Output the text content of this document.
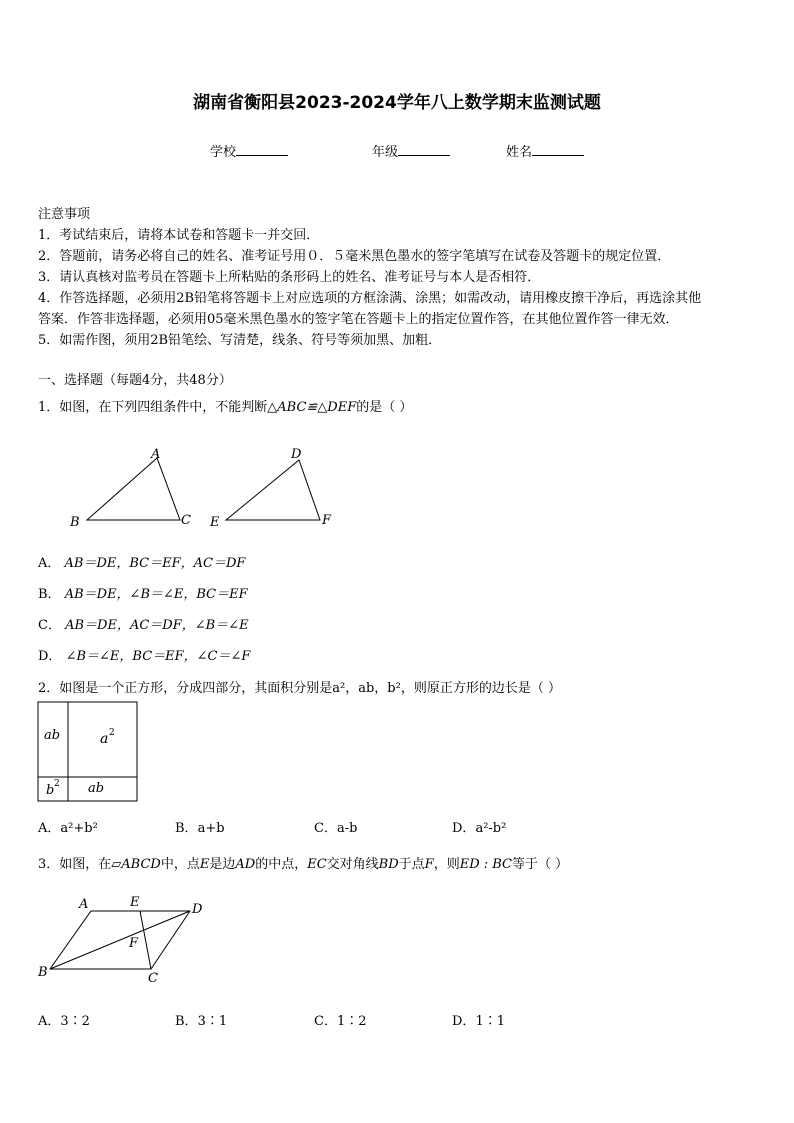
湖南省衡阳县2023-2024学年八上数学期末监测试题
学校	年级	姓名
注意事项
1．考试结束后，请将本试卷和答题卡一并交回．
2．答题前，请务必将自己的姓名、准考证号用０．５毫米黑色墨水的签字笔填写在试卷及答题卡的规定位置．
3．请认真核对监考员在答题卡上所粘贴的条形码上的姓名、准考证号与本人是否相符．
4．作答选择题，必须用2B铅笔将答题卡上对应选项的方框涂满、涂黑；如需改动，请用橡皮擦干净后，再选涂其他
答案．作答非选择题，必须用05毫米黑色墨水的签字笔在答题卡上的指定位置作答，在其他位置作答一律无效．
5．如需作图，须用2B铅笔绘、写清楚，线条、符号等须加黑、加粗．
一、选择题（每题4分，共48分）
1．如图，在下列四组条件中，不能判断△ABC≌△DEF的是（ ）
A
B	C
D
E	F
A． AB＝DE，BC＝EF，AC＝DF
B． AB＝DE，∠B＝∠E，BC＝EF
C． AB＝DE，AC＝DF，∠B＝∠E
D． ∠B＝∠E，BC＝EF，∠C＝∠F
2．如图是一个正方形，分成四部分，其面积分别是a²，ab，b²，则原正方形的边长是（ ）
ab	a 2
b 2 ab
A．a²+b²	B．a+b	C．a-b	D．a²-b²
3．如图，在▱ABCD中，点E是边AD的中点，EC交对角线BD于点F，则ED : BC等于（ ）
A	E	D
F
B	C
A．3∶2	B．3∶1	C．1∶2	D．1∶1
